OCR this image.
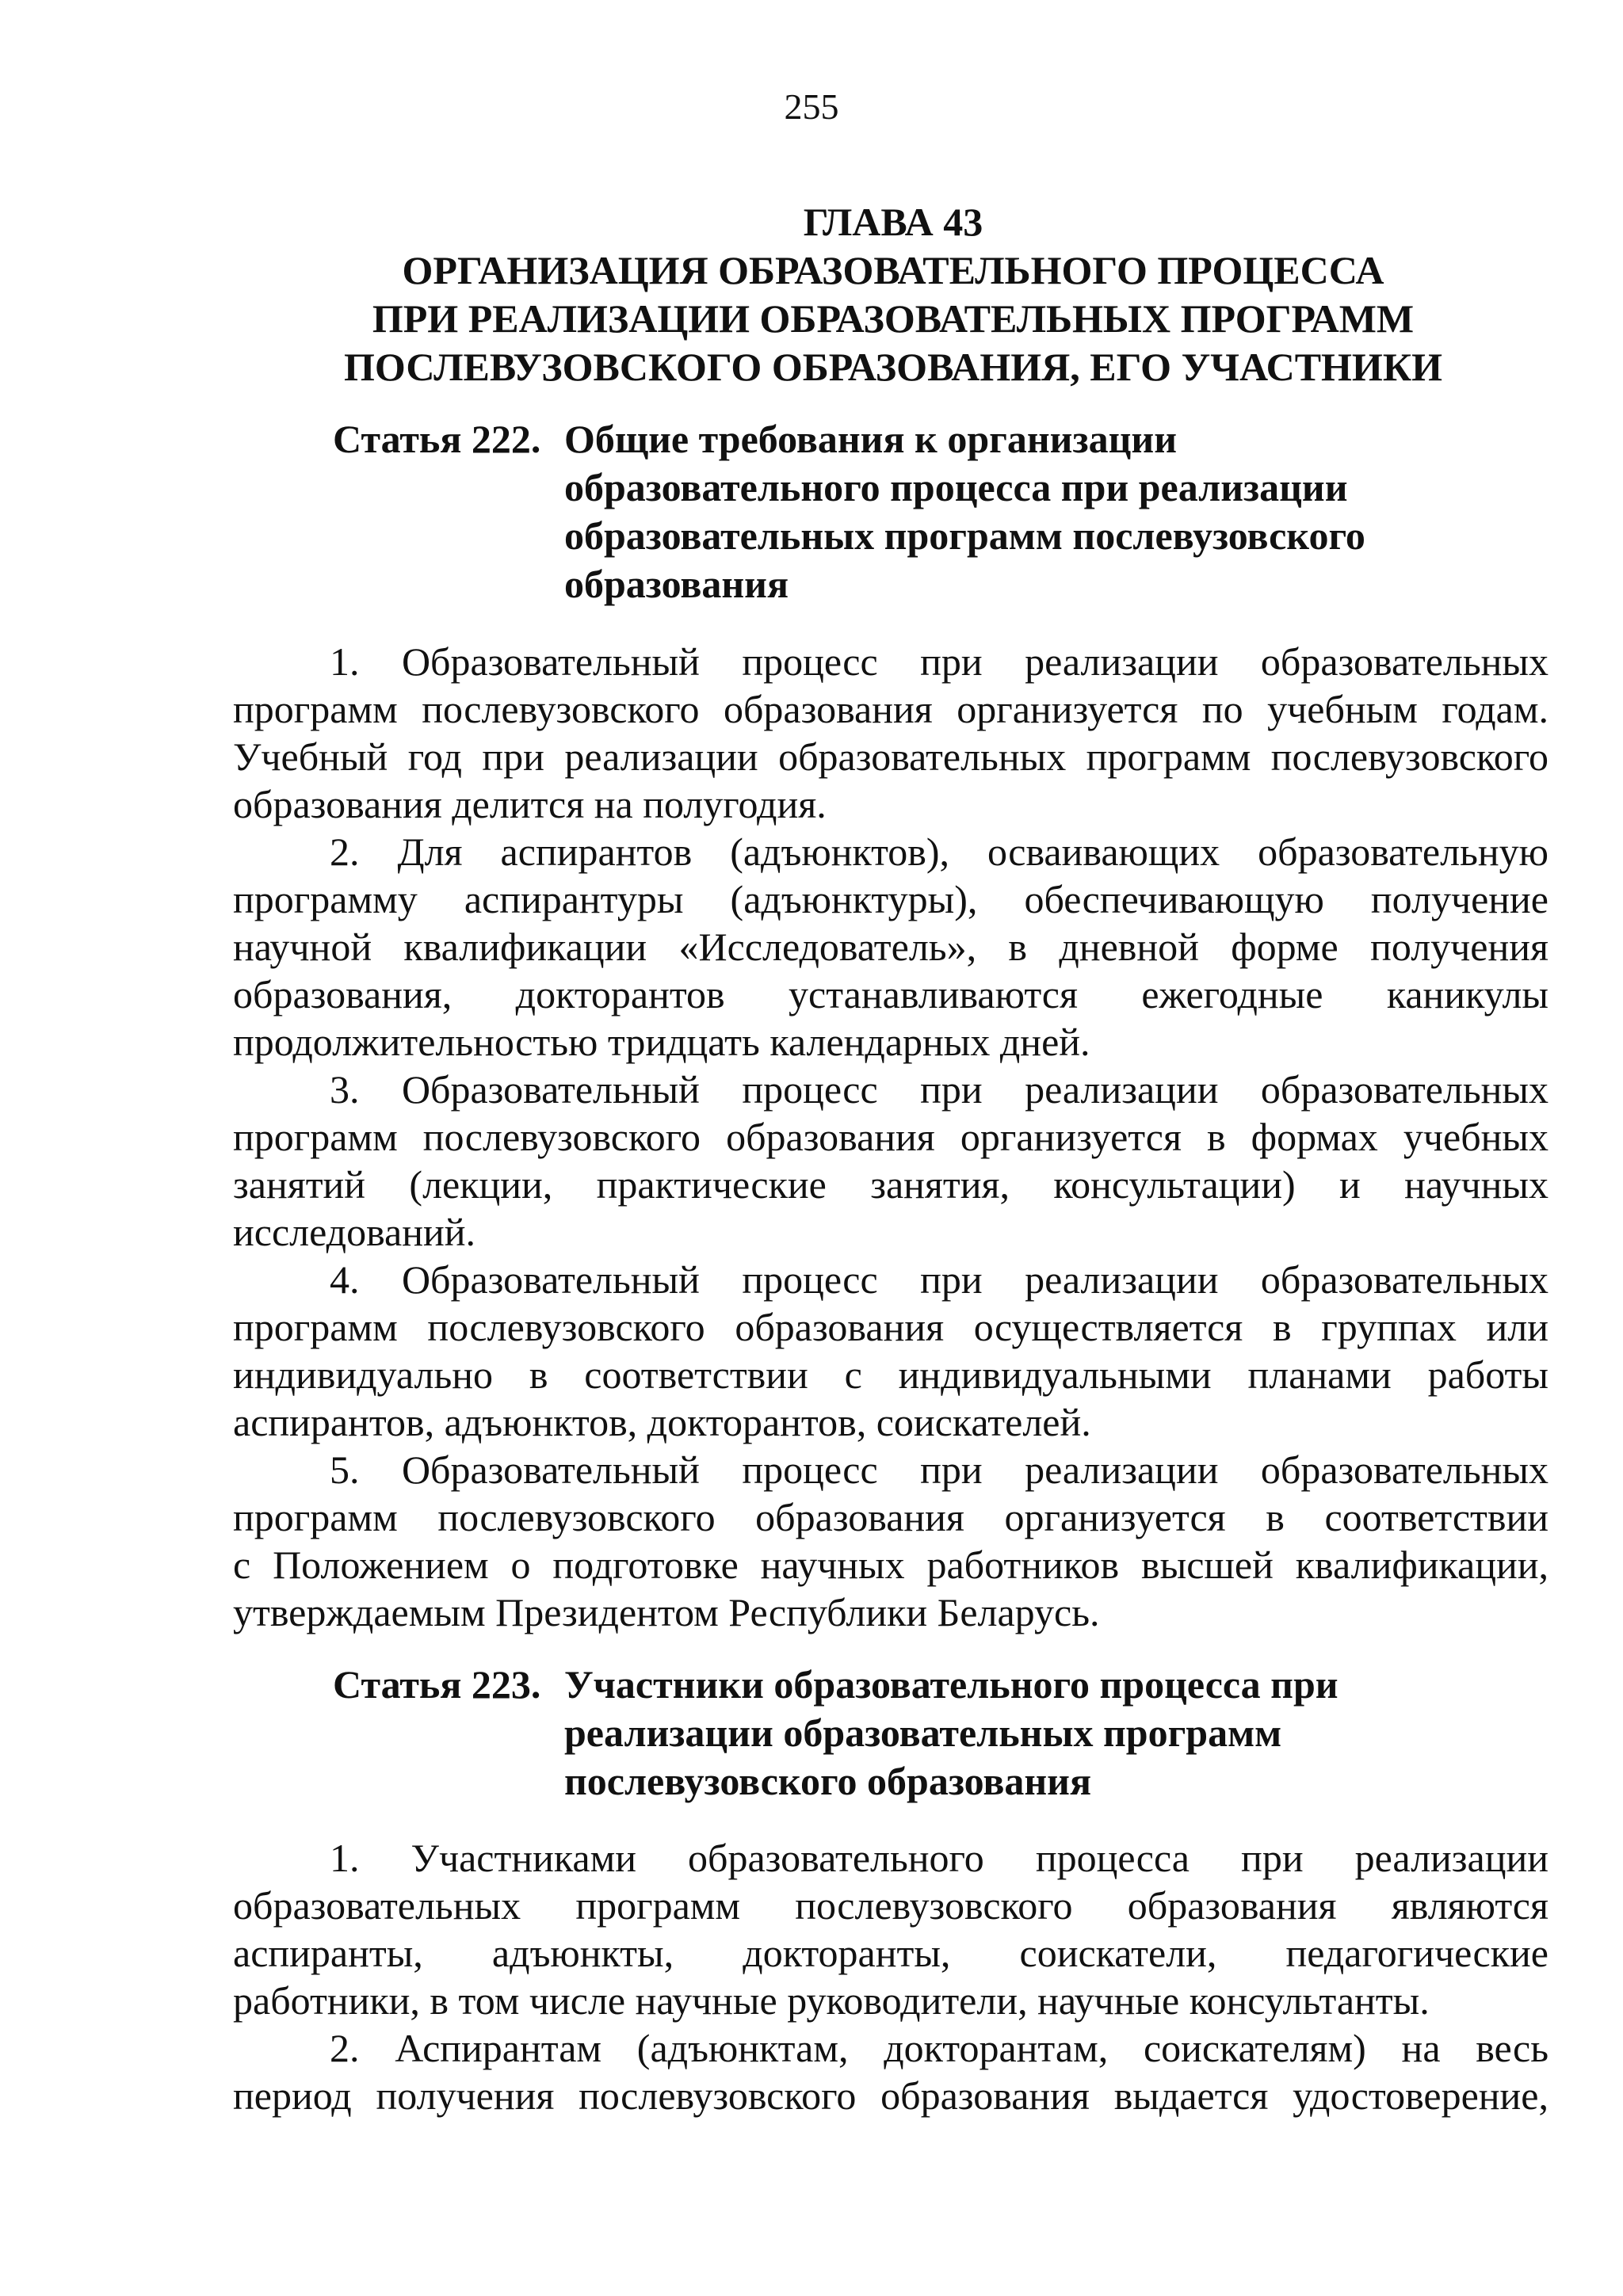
255
ГЛАВА 43
ОРГАНИЗАЦИЯ ОБРАЗОВАТЕЛЬНОГО ПРОЦЕССА
ПРИ РЕАЛИЗАЦИИ ОБРАЗОВАТЕЛЬНЫХ ПРОГРАММ
ПОСЛЕВУЗОВСКОГО ОБРАЗОВАНИЯ, ЕГО УЧАСТНИКИ
Статья 222. Общие требования к организации
образовательного процесса при реализации
образовательных программ послевузовского
образования
1. Образовательный процесс при реализации образовательных
программ послевузовского образования организуется по учебным годам.
Учебный год при реализации образовательных программ послевузовского
образования делится на полугодия.
2. Для аспирантов (адъюнктов), осваивающих образовательную
программу аспирантуры (адъюнктуры), обеспечивающую получение
научной квалификации «Исследователь», в дневной форме получения
образования, докторантов устанавливаются ежегодные каникулы
продолжительностью тридцать календарных дней.
3. Образовательный процесс при реализации образовательных
программ послевузовского образования организуется в формах учебных
занятий (лекции, практические занятия, консультации) и научных
исследований.
4. Образовательный процесс при реализации образовательных
программ послевузовского образования осуществляется в группах или
индивидуально в соответствии с индивидуальными планами работы
аспирантов, адъюнктов, докторантов, соискателей.
5. Образовательный процесс при реализации образовательных
программ послевузовского образования организуется в соответствии
с Положением о подготовке научных работников высшей квалификации,
утверждаемым Президентом Республики Беларусь.
Статья 223. Участники образовательного процесса при
реализации образовательных программ
послевузовского образования
1. Участниками образовательного процесса при реализации
образовательных программ послевузовского образования являются
аспиранты, адъюнкты, докторанты, соискатели, педагогические
работники, в том числе научные руководители, научные консультанты.
2. Аспирантам (адъюнктам, докторантам, соискателям) на весь
период получения послевузовского образования выдается удостоверение,
